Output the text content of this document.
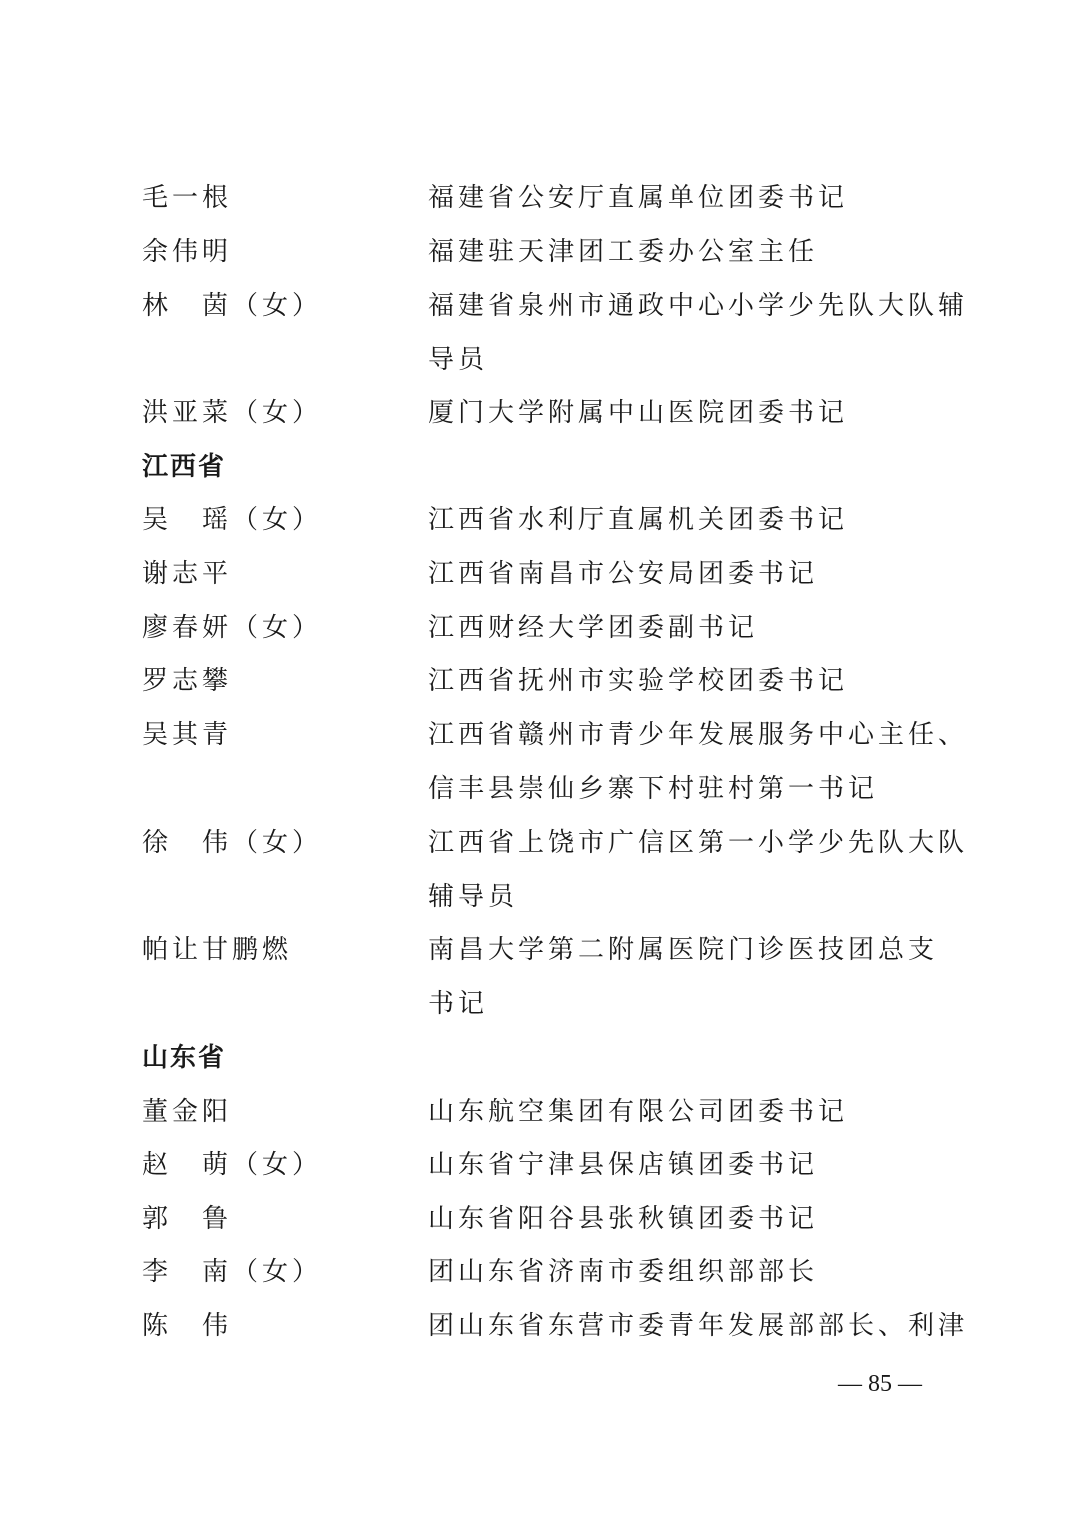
毛一根	福建省公安厅直属单位团委书记
余伟明	福建驻天津团工委办公室主任
林　茵（女）	福建省泉州市通政中心小学少先队大队辅
导员
洪亚菜（女）	厦门大学附属中山医院团委书记
江西省
吴　瑶（女）	江西省水利厅直属机关团委书记
谢志平	江西省南昌市公安局团委书记
廖春妍（女）	江西财经大学团委副书记
罗志攀	江西省抚州市实验学校团委书记
吴其青	江西省赣州市青少年发展服务中心主任、
信丰县崇仙乡寨下村驻村第一书记
徐　伟（女）	江西省上饶市广信区第一小学少先队大队
辅导员
帕让甘鹏燃	南昌大学第二附属医院门诊医技团总支
书记
山东省
董金阳	山东航空集团有限公司团委书记
赵　萌（女）	山东省宁津县保店镇团委书记
郭　鲁	山东省阳谷县张秋镇团委书记
李　南（女）	团山东省济南市委组织部部长
陈　伟	团山东省东营市委青年发展部部长、利津
— 85 —
